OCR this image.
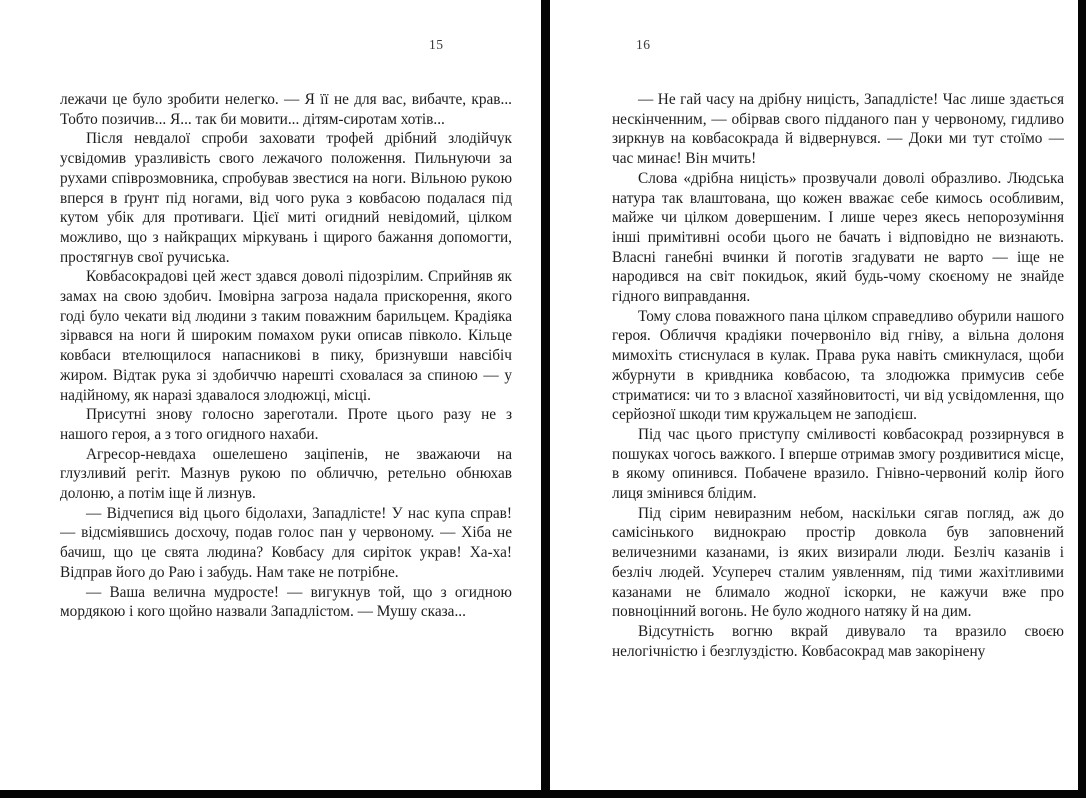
15

лежачи це було зробити нелегко. — Я її не для вас, вибачте, крав... Тобто позичив... Я... так би мовити... дітям-сиротам хотів...

Після невдалої спроби заховати трофей дрібний злодійчук усвідомив уразливість свого лежачого положення. Пильнуючи за рухами співрозмовника, спробував звестися на ноги. Вільною рукою вперся в ґрунт під ногами, від чого рука з ковбасою подалася під кутом убік для противаги. Цієї миті огидний невідомий, цілком можливо, що з найкращих міркувань і щирого бажання допомогти, простягнув свої ручиська.

Ковбасокрадові цей жест здався доволі підозрілим. Сприйняв як замах на свою здобич. Імовірна загроза надала прискорення, якого годі було чекати від людини з таким поважним барильцем. Крадіяка зірвався на ноги й широким помахом руки описав півколо. Кільце ковбаси втелющилося напасникові в пику, бризнувши навсібіч жиром. Відтак рука зі здобиччю нарешті сховалася за спиною — у надійному, як наразі здавалося злодюжці, місці.

Присутні знову голосно зареготали. Проте цього разу не з нашого героя, а з того огидного нахаби.

Агресор-невдаха ошелешено заціпенів, не зважаючи на глузливий регіт. Мазнув рукою по обличчю, ретельно обнюхав долоню, а потім іще й лизнув.

— Відчепися від цього бідолахи, Западлісте! У нас купа справ! — відсміявшись досхочу, подав голос пан у червоному. — Хіба не бачиш, що це свята людина? Ковбасу для сиріток украв! Ха-ха! Відправ його до Раю і забудь. Нам таке не потрібне.

— Ваша велична мудросте! — вигукнув той, що з огидною мордякою і кого щойно назвали Западлістом. — Мушу сказа...

16

— Не гай часу на дрібну ницість, Западлісте! Час лише здається нескінченним, — обірвав свого підданого пан у червоному, гидливо зиркнув на ковбасокрада й відвернувся. — Доки ми тут стоїмо — час минає! Він мчить!

Слова «дрібна ницість» прозвучали доволі образливо. Людська натура так влаштована, що кожен вважає себе кимось особливим, майже чи цілком довершеним. І лише через якесь непорозуміння інші примітивні особи цього не бачать і відповідно не визнають. Власні ганебні вчинки й поготів згадувати не варто — іще не народився на світ покидьок, який будь-чому скоєному не знайде гідного виправдання.

Тому слова поважного пана цілком справедливо обурили нашого героя. Обличчя крадіяки почервоніло від гніву, а вільна долоня мимохіть стиснулася в кулак. Права рука навіть смикнулася, щоби жбурнути в кривдника ковбасою, та злодюжка примусив себе стриматися: чи то з власної хазяйновитості, чи від усвідомлення, що серйозної шкоди тим кружальцем не заподієш.

Під час цього приступу сміливості ковбасокрад роззирнувся в пошуках чогось важкого. І вперше отримав змогу роздивитися місце, в якому опинився. Побачене вразило. Гнівно-червоний колір його лиця змінився блідим.

Під сірим невиразним небом, наскільки сягав погляд, аж до самісінького виднокраю простір довкола був заповнений величезними казанами, із яких визирали люди. Безліч казанів і безліч людей. Усупереч сталим уявленням, під тими жахітливими казанами не блимало жодної іскорки, не кажучи вже про повноцінний вогонь. Не було жодного натяку й на дим.

Відсутність вогню вкрай дивувало та вразило своєю нелогічністю і безглуздістю. Ковбасокрад мав закорінену
